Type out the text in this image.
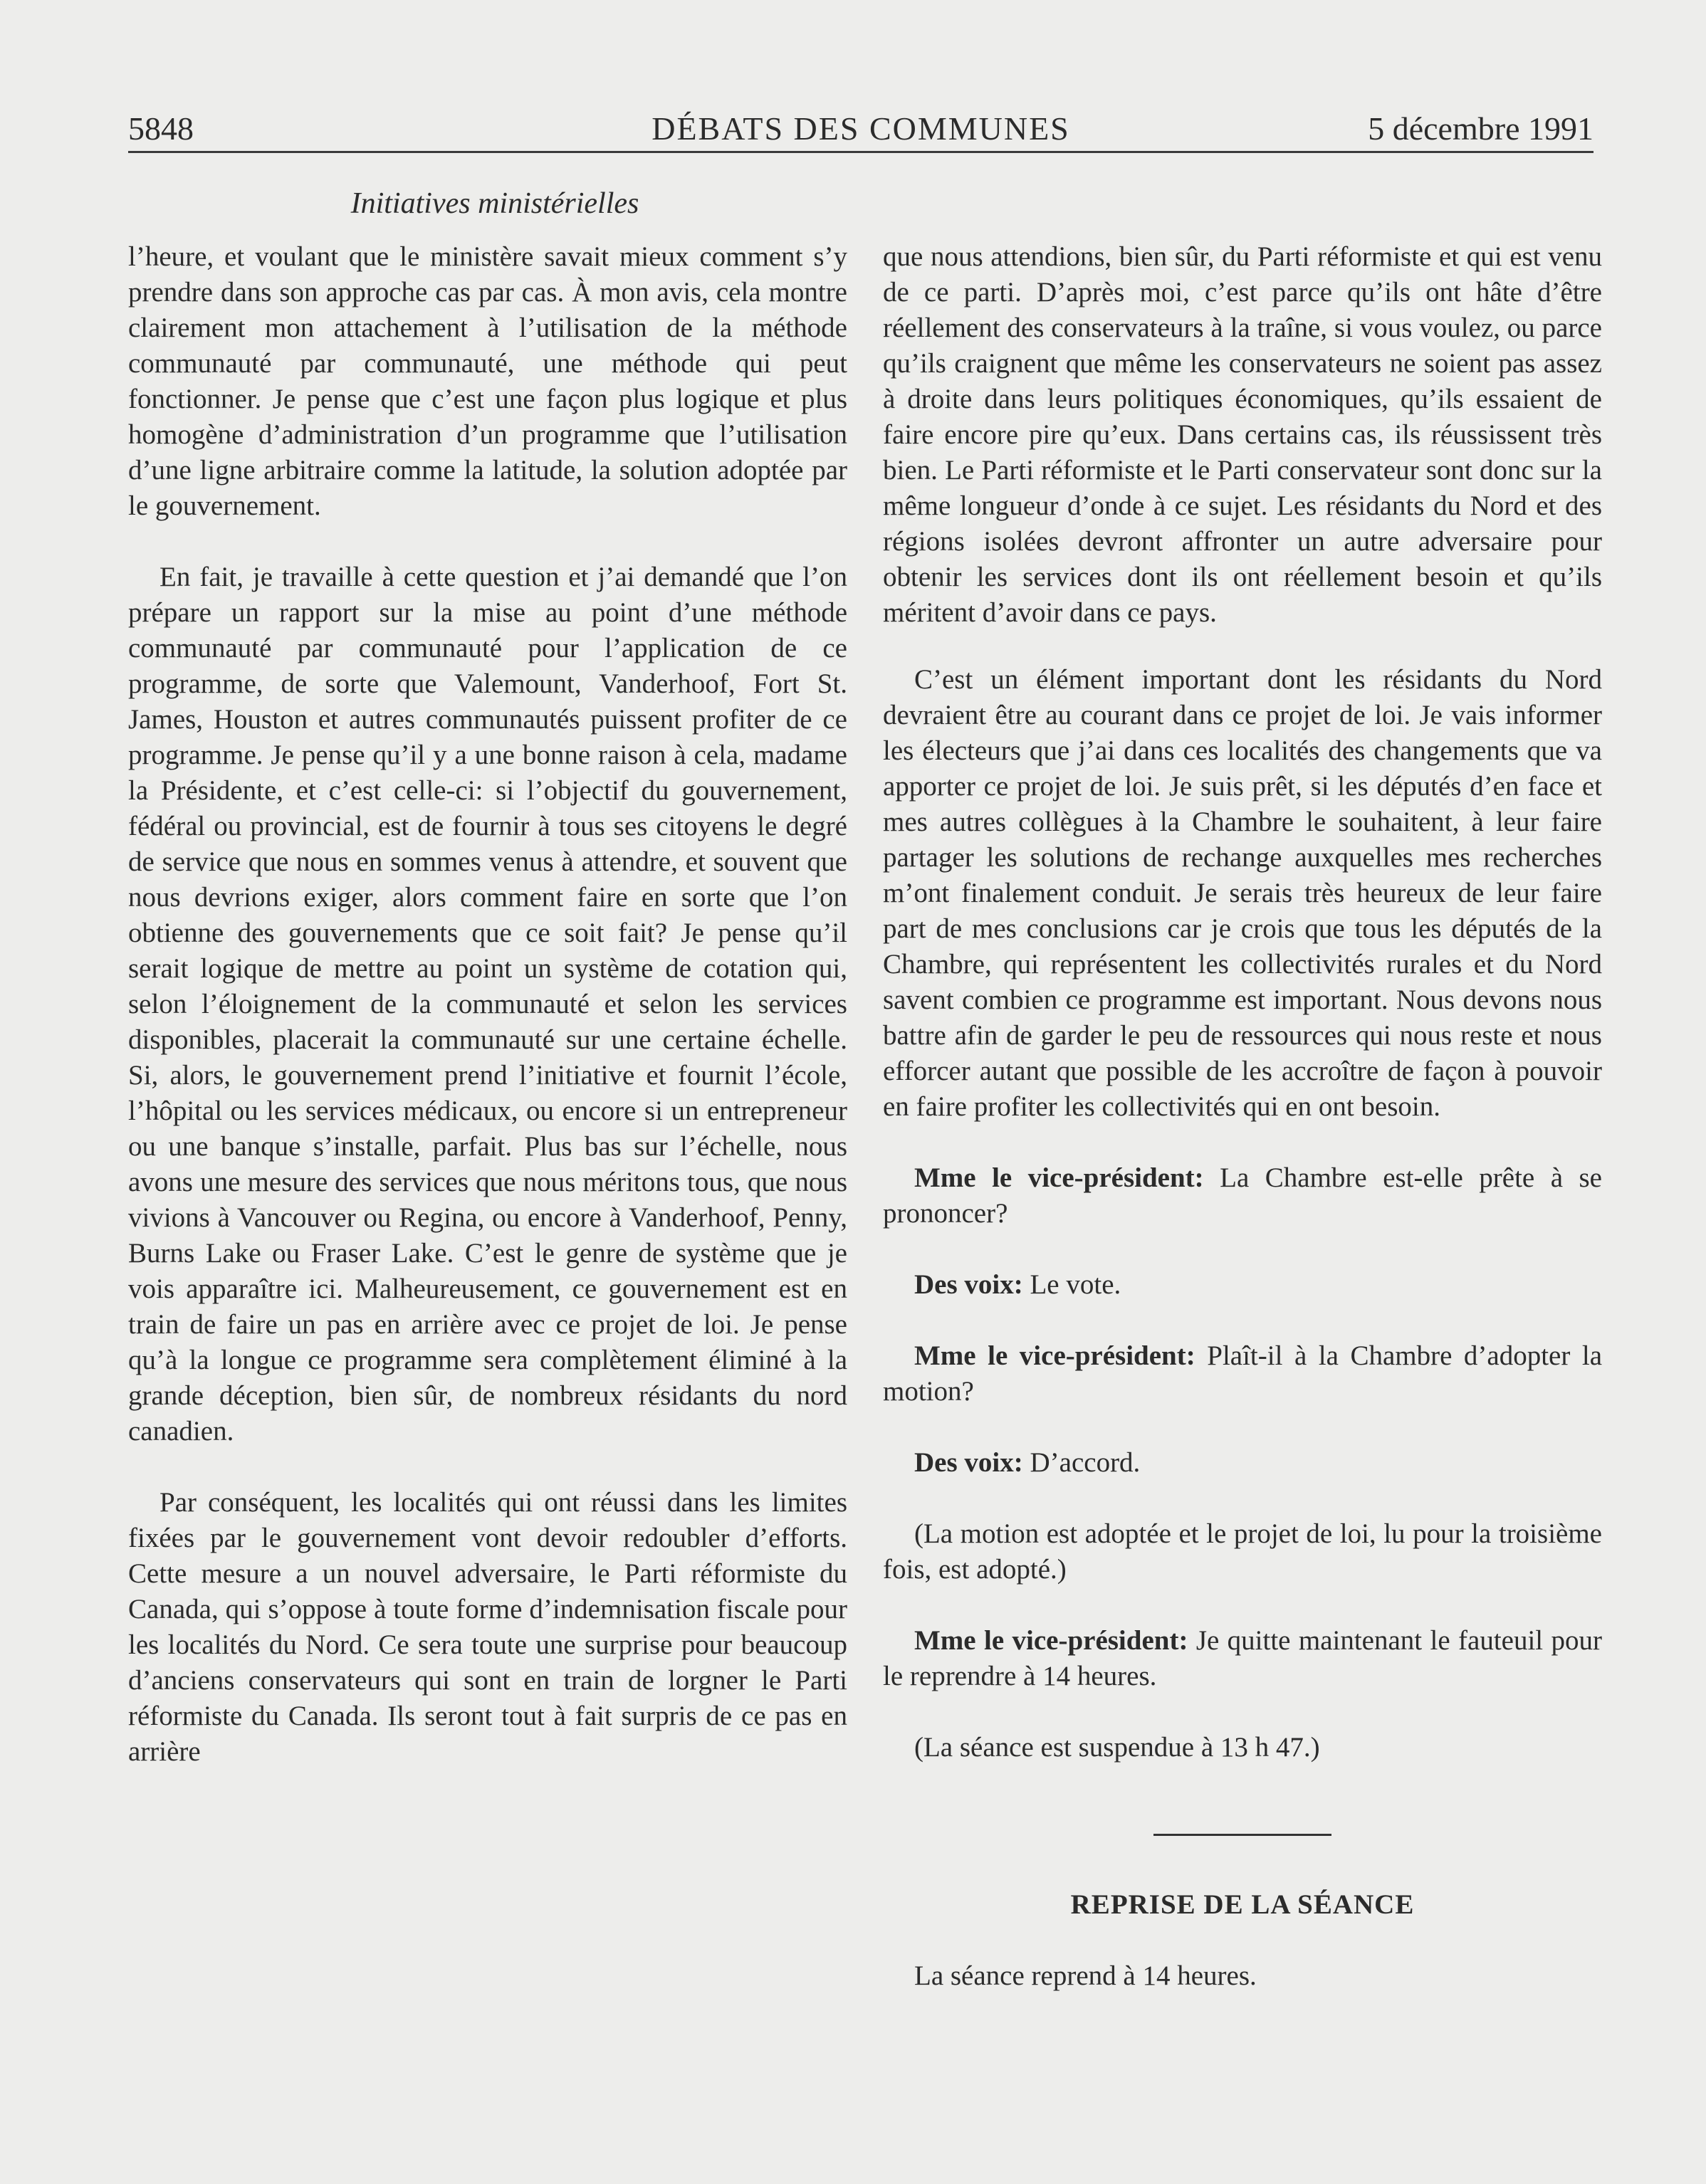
5848	DÉBATS DES COMMUNES	5 décembre 1991
Initiatives ministérielles

l’heure, et voulant que le ministère savait mieux comment s’y prendre dans son approche cas par cas. À mon avis, cela montre clairement mon attachement à l’utilisation de la méthode communauté par communauté, une méthode qui peut fonctionner. Je pense que c’est une façon plus logique et plus homogène d’administration d’un programme que l’utilisation d’une ligne arbitraire comme la latitude, la solution adoptée par le gouvernement.

En fait, je travaille à cette question et j’ai demandé que l’on prépare un rapport sur la mise au point d’une méthode communauté par communauté pour l’application de ce programme, de sorte que Valemount, Vanderhoof, Fort St. James, Houston et autres communautés puissent profiter de ce programme. Je pense qu’il y a une bonne raison à cela, madame la Présidente, et c’est celle-ci: si l’objectif du gouvernement, fédéral ou provincial, est de fournir à tous ses citoyens le degré de service que nous en sommes venus à attendre, et souvent que nous devrions exiger, alors comment faire en sorte que l’on obtienne des gouvernements que ce soit fait? Je pense qu’il serait logique de mettre au point un système de cotation qui, selon l’éloignement de la communauté et selon les services disponibles, placerait la communauté sur une certaine échelle. Si, alors, le gouvernement prend l’initiative et fournit l’école, l’hôpital ou les services médicaux, ou encore si un entrepreneur ou une banque s’installe, parfait. Plus bas sur l’échelle, nous avons une mesure des services que nous méritons tous, que nous vivions à Vancouver ou Regina, ou encore à Vanderhoof, Penny, Burns Lake ou Fraser Lake. C’est le genre de système que je vois apparaître ici. Malheureusement, ce gouvernement est en train de faire un pas en arrière avec ce projet de loi. Je pense qu’à la longue ce programme sera complètement éliminé à la grande déception, bien sûr, de nombreux résidants du nord canadien.

Par conséquent, les localités qui ont réussi dans les limites fixées par le gouvernement vont devoir redoubler d’efforts. Cette mesure a un nouvel adversaire, le Parti réformiste du Canada, qui s’oppose à toute forme d’indemnisation fiscale pour les localités du Nord. Ce sera toute une surprise pour beaucoup d’anciens conservateurs qui sont en train de lorgner le Parti réformiste du Canada. Ils seront tout à fait surpris de ce pas en arrière

que nous attendions, bien sûr, du Parti réformiste et qui est venu de ce parti. D’après moi, c’est parce qu’ils ont hâte d’être réellement des conservateurs à la traîne, si vous voulez, ou parce qu’ils craignent que même les conservateurs ne soient pas assez à droite dans leurs politiques économiques, qu’ils essaient de faire encore pire qu’eux. Dans certains cas, ils réussissent très bien. Le Parti réformiste et le Parti conservateur sont donc sur la même longueur d’onde à ce sujet. Les résidants du Nord et des régions isolées devront affronter un autre adversaire pour obtenir les services dont ils ont réellement besoin et qu’ils méritent d’avoir dans ce pays.

C’est un élément important dont les résidants du Nord devraient être au courant dans ce projet de loi. Je vais informer les électeurs que j’ai dans ces localités des changements que va apporter ce projet de loi. Je suis prêt, si les députés d’en face et mes autres collègues à la Chambre le souhaitent, à leur faire partager les solutions de rechange auxquelles mes recherches m’ont finalement conduit. Je serais très heureux de leur faire part de mes conclusions car je crois que tous les députés de la Chambre, qui représentent les collectivités rurales et du Nord savent combien ce programme est important. Nous devons nous battre afin de garder le peu de ressources qui nous reste et nous efforcer autant que possible de les accroître de façon à pouvoir en faire profiter les collectivités qui en ont besoin.

Mme le vice-président: La Chambre est-elle prête à se prononcer?

Des voix: Le vote.

Mme le vice-président: Plaît-il à la Chambre d’adopter la motion?

Des voix: D’accord.

(La motion est adoptée et le projet de loi, lu pour la troisième fois, est adopté.)

Mme le vice-président: Je quitte maintenant le fauteuil pour le reprendre à 14 heures.

(La séance est suspendue à 13 h 47.)

REPRISE DE LA SÉANCE

La séance reprend à 14 heures.
